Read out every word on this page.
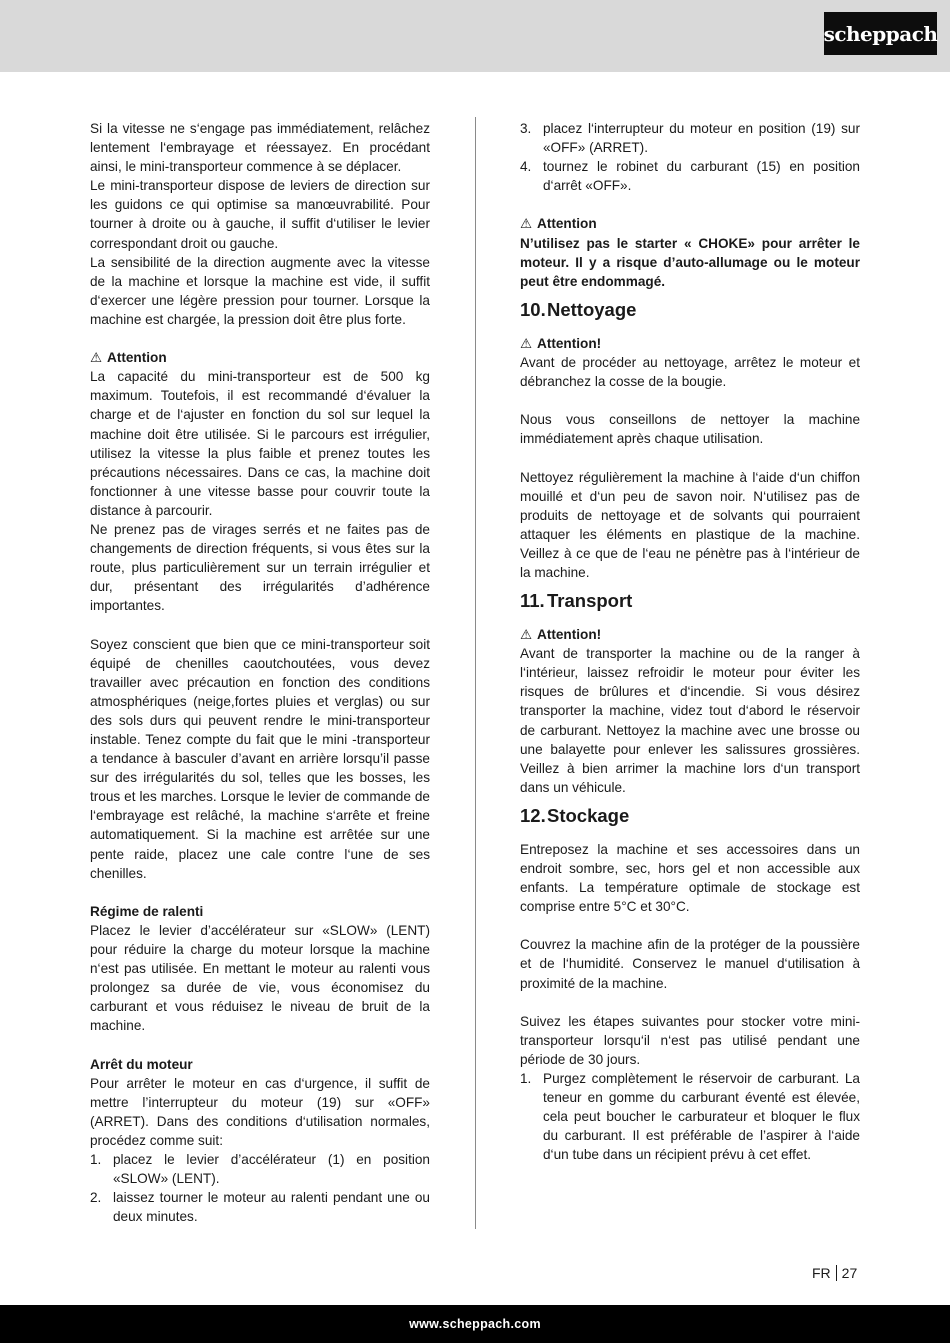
scheppach

Si la vitesse ne s‘engage pas immédiatement, relâchez lentement l‘embrayage et réessayez. En procédant ainsi, le mini-transporteur commence à se déplacer.

Le mini-transporteur dispose de leviers de direction sur les guidons ce qui optimise sa manœuvrabilité. Pour tourner à droite ou à gauche, il suffit d‘utiliser le levier correspondant droit ou gauche.

La sensibilité de la direction augmente avec la vitesse de la machine et lorsque la machine est vide, il suffit d‘exercer une légère pression pour tourner. Lorsque la machine est chargée, la pression doit être plus forte.

⚠ Attention

La capacité du mini-transporteur est de 500 kg maximum. Toutefois, il est recommandé d‘évaluer la charge et de l‘ajuster en fonction du sol sur lequel la machine doit être utilisée. Si le parcours est irrégulier, utilisez la vitesse la plus faible et prenez toutes les précautions nécessaires. Dans ce cas, la machine doit fonctionner à une vitesse basse pour couvrir toute la distance à parcourir.

Ne prenez pas de virages serrés et ne faites pas de changements de direction fréquents, si vous êtes sur la route, plus particulièrement sur un terrain irrégulier et dur, présentant des irrégularités d’adhérence importantes.

Soyez conscient que bien que ce mini-transporteur soit équipé de chenilles caoutchoutées, vous devez travailler avec précaution en fonction des conditions atmosphériques (neige,fortes pluies et verglas) ou sur des sols durs qui peuvent rendre le mini-transporteur instable. Tenez compte du fait que le mini -transporteur a tendance à basculer d’avant en arrière lorsqu’il passe sur des irrégularités du sol, telles que les bosses, les trous et les marches. Lorsque le levier de commande de l‘embrayage est relâché, la machine s‘arrête et freine automatiquement. Si la machine est arrêtée sur une pente raide, placez une cale contre l‘une de ses chenilles.

Régime de ralenti

Placez le levier d’accélérateur sur «SLOW» (LENT) pour réduire la charge du moteur lorsque la machine n‘est pas utilisée. En mettant le moteur au ralenti vous prolongez sa durée de vie, vous économisez du carburant et vous réduisez le niveau de bruit de la machine.

Arrêt du moteur

Pour arrêter le moteur en cas d‘urgence, il suffit de mettre l’interrupteur du moteur (19) sur «OFF» (ARRET). Dans des conditions d‘utilisation normales, procédez comme suit:

1. placez le levier d’accélérateur (1) en position «SLOW» (LENT).
2. laissez tourner le moteur au ralenti pendant une ou deux minutes.
3. placez l‘interrupteur du moteur en position (19) sur «OFF» (ARRET).
4. tournez le robinet du carburant (15) en position d‘arrêt «OFF».

⚠ Attention

N’utilisez pas le starter « CHOKE» pour arrêter le moteur. Il y a risque d’auto-allumage ou le moteur peut être endommagé.

10.Nettoyage

⚠ Attention!

Avant de procéder au nettoyage, arrêtez le moteur et débranchez la cosse de la bougie.

Nous vous conseillons de nettoyer la machine immédiatement après chaque utilisation.

Nettoyez régulièrement la machine à l‘aide d‘un chiffon mouillé et d‘un peu de savon noir. N‘utilisez pas de produits de nettoyage et de solvants qui pourraient attaquer les éléments en plastique de la machine. Veillez à ce que de l‘eau ne pénètre pas à l‘intérieur de la machine.

11. Transport

⚠ Attention!

Avant de transporter la machine ou de la ranger à l‘intérieur, laissez refroidir le moteur pour éviter les risques de brûlures et d‘incendie. Si vous désirez transporter la machine, videz tout d‘abord le réservoir de carburant. Nettoyez la machine avec une brosse ou une balayette pour enlever les salissures grossières. Veillez à bien arrimer la machine lors d‘un transport dans un véhicule.

12.Stockage

Entreposez la machine et ses accessoires dans un endroit sombre, sec, hors gel et non accessible aux enfants. La température optimale de stockage est comprise entre 5°C et 30°C.

Couvrez la machine afin de la protéger de la poussière et de l‘humidité. Conservez le manuel d‘utilisation à proximité de la machine.

Suivez les étapes suivantes pour stocker votre mini-transporteur lorsqu‘il n‘est pas utilisé pendant une période de 30 jours.

1. Purgez complètement le réservoir de carburant. La teneur en gomme du carburant éventé est élevée, cela peut boucher le carburateur et bloquer le flux du carburant. Il est préférable de l’aspirer à l‘aide d‘un tube dans un récipient prévu à cet effet.
FR 27
www.scheppach.com
